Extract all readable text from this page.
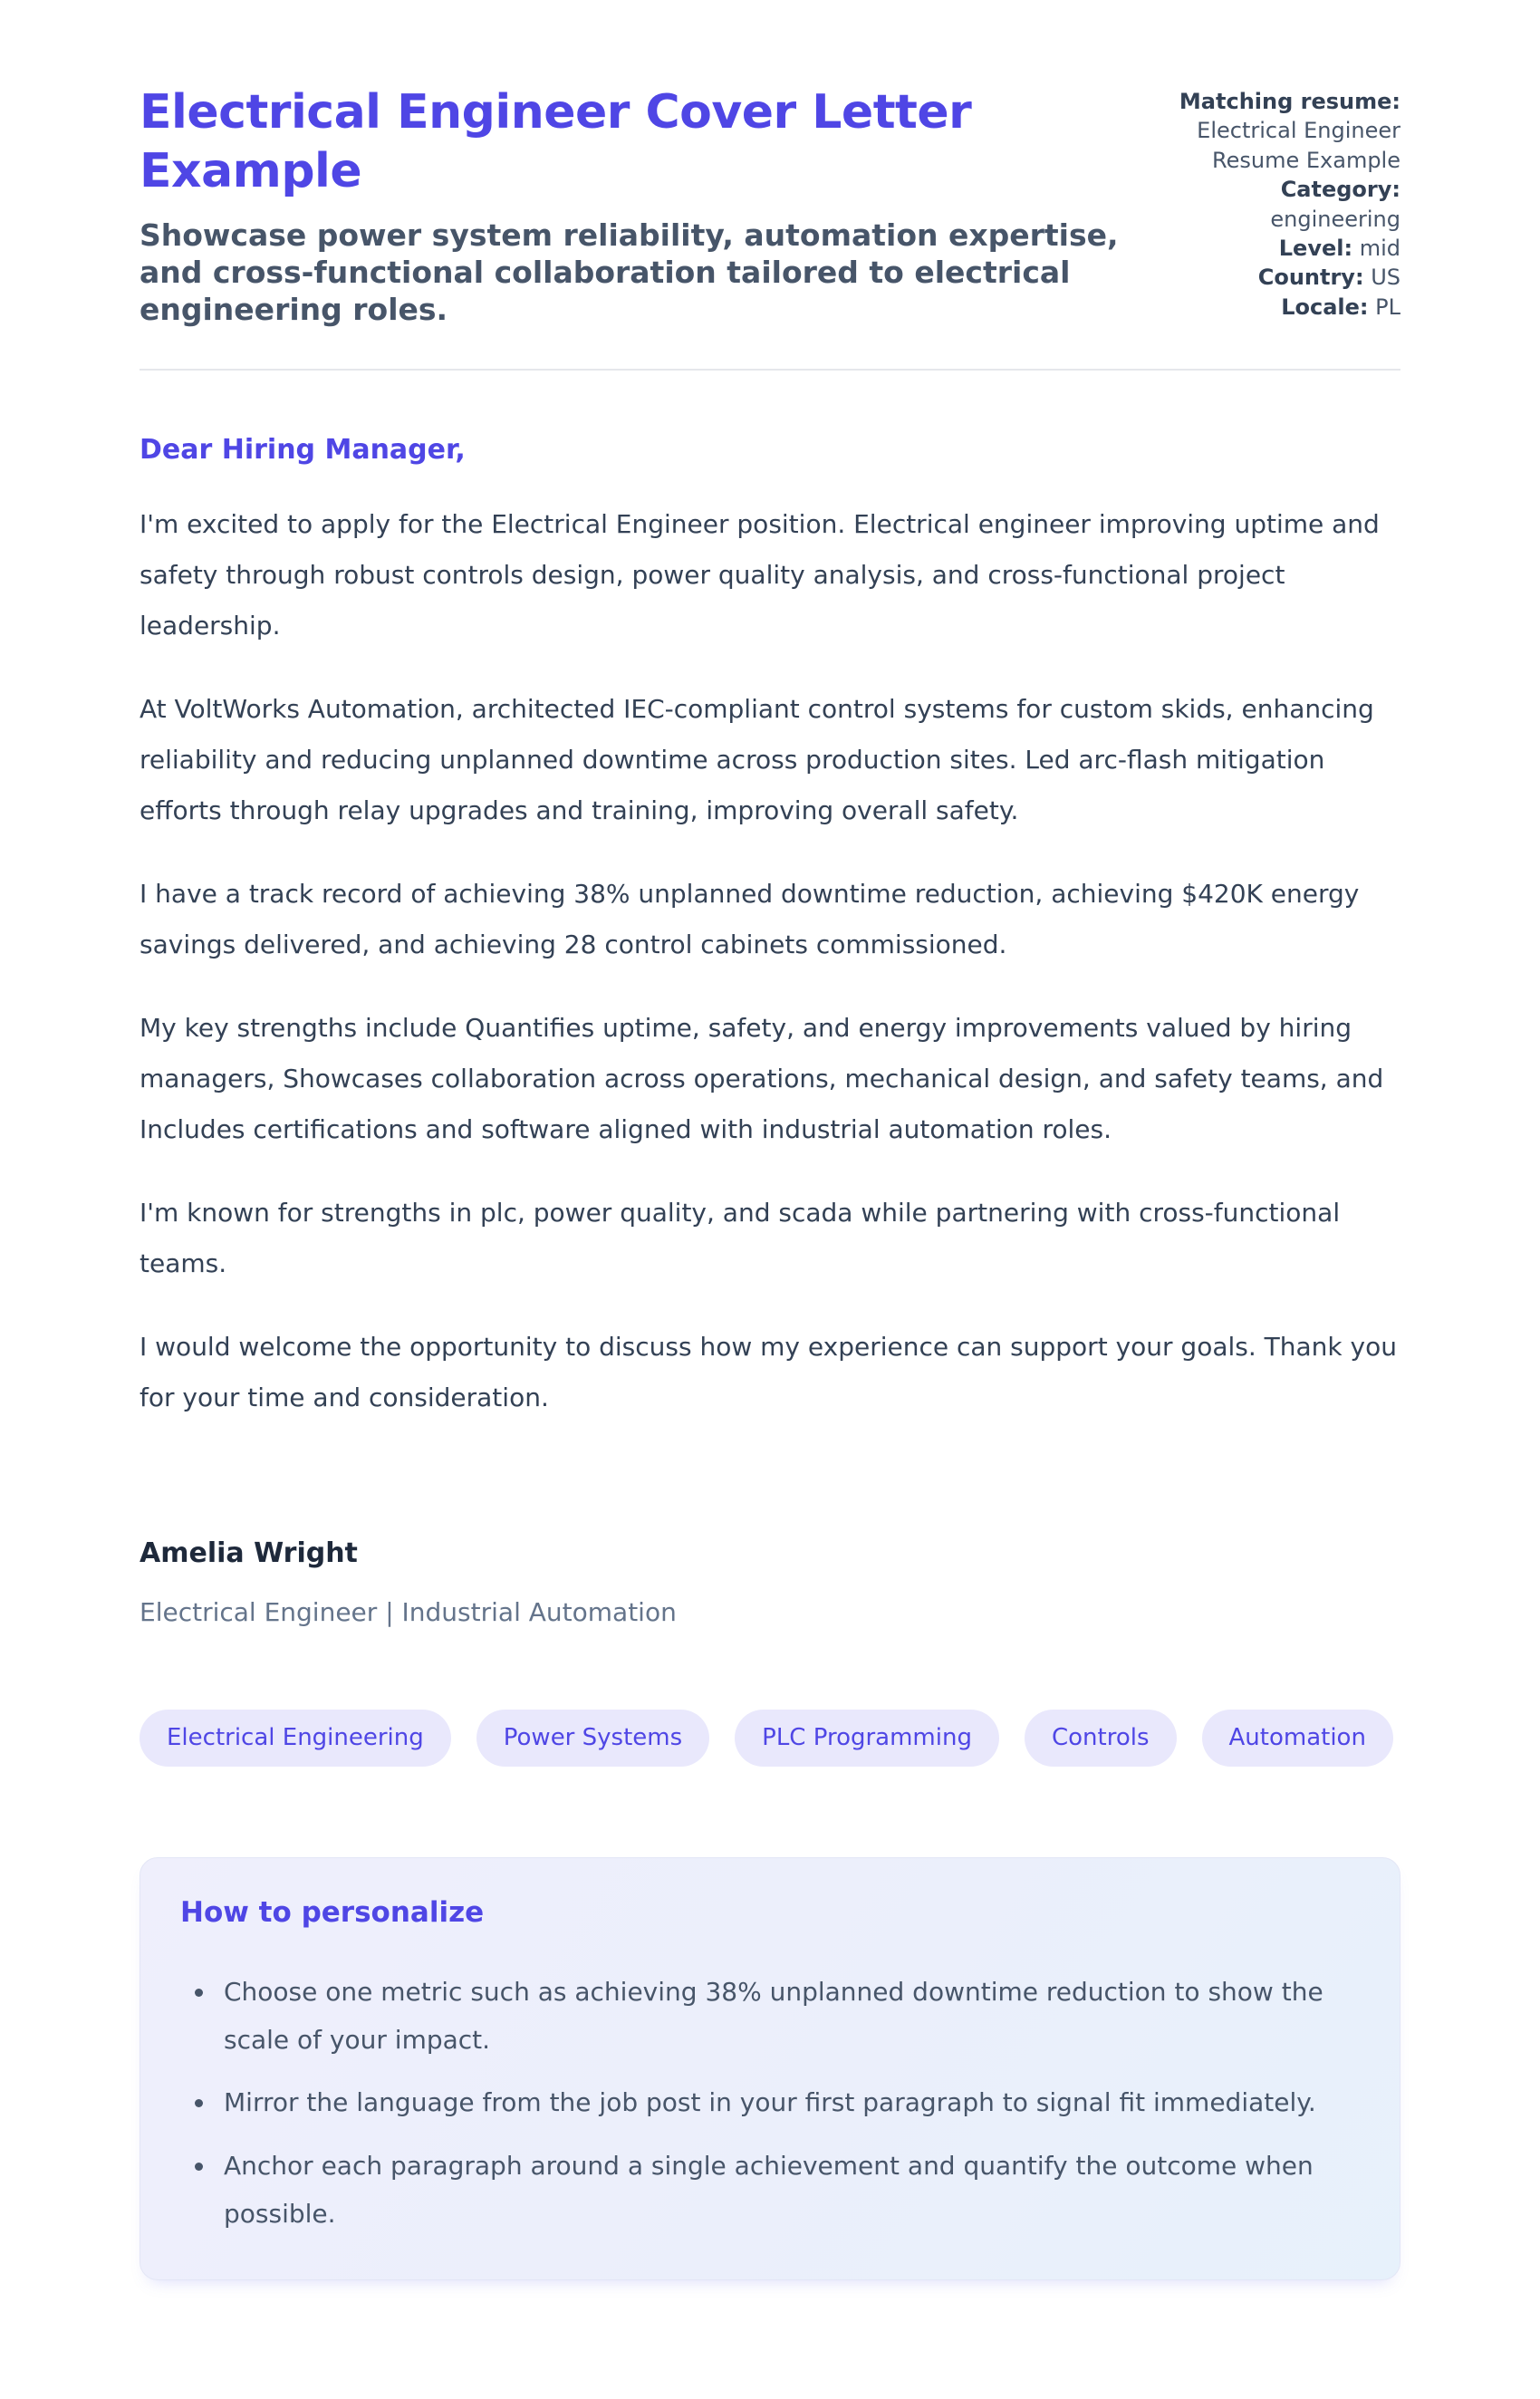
Electrical Engineer Cover Letter Example

Showcase power system reliability, automation expertise, and cross-functional collaboration tailored to electrical engineering roles.

Matching resume: Electrical Engineer Resume Example
Category: engineering
Level: mid
Country: US
Locale: PL

Dear Hiring Manager,

I'm excited to apply for the Electrical Engineer position. Electrical engineer improving uptime and safety through robust controls design, power quality analysis, and cross-functional project leadership.

At VoltWorks Automation, architected IEC-compliant control systems for custom skids, enhancing reliability and reducing unplanned downtime across production sites. Led arc-flash mitigation efforts through relay upgrades and training, improving overall safety.

I have a track record of achieving 38% unplanned downtime reduction, achieving $420K energy savings delivered, and achieving 28 control cabinets commissioned.

My key strengths include Quantifies uptime, safety, and energy improvements valued by hiring managers, Showcases collaboration across operations, mechanical design, and safety teams, and Includes certifications and software aligned with industrial automation roles.

I'm known for strengths in plc, power quality, and scada while partnering with cross-functional teams.

I would welcome the opportunity to discuss how my experience can support your goals. Thank you for your time and consideration.

Amelia Wright

Electrical Engineer | Industrial Automation

Electrical Engineering	Power Systems	PLC Programming	Controls	Automation
How to personalize
• Choose one metric such as achieving 38% unplanned downtime reduction to show the scale of your impact.
• Mirror the language from the job post in your first paragraph to signal fit immediately.
• Anchor each paragraph around a single achievement and quantify the outcome when possible.
